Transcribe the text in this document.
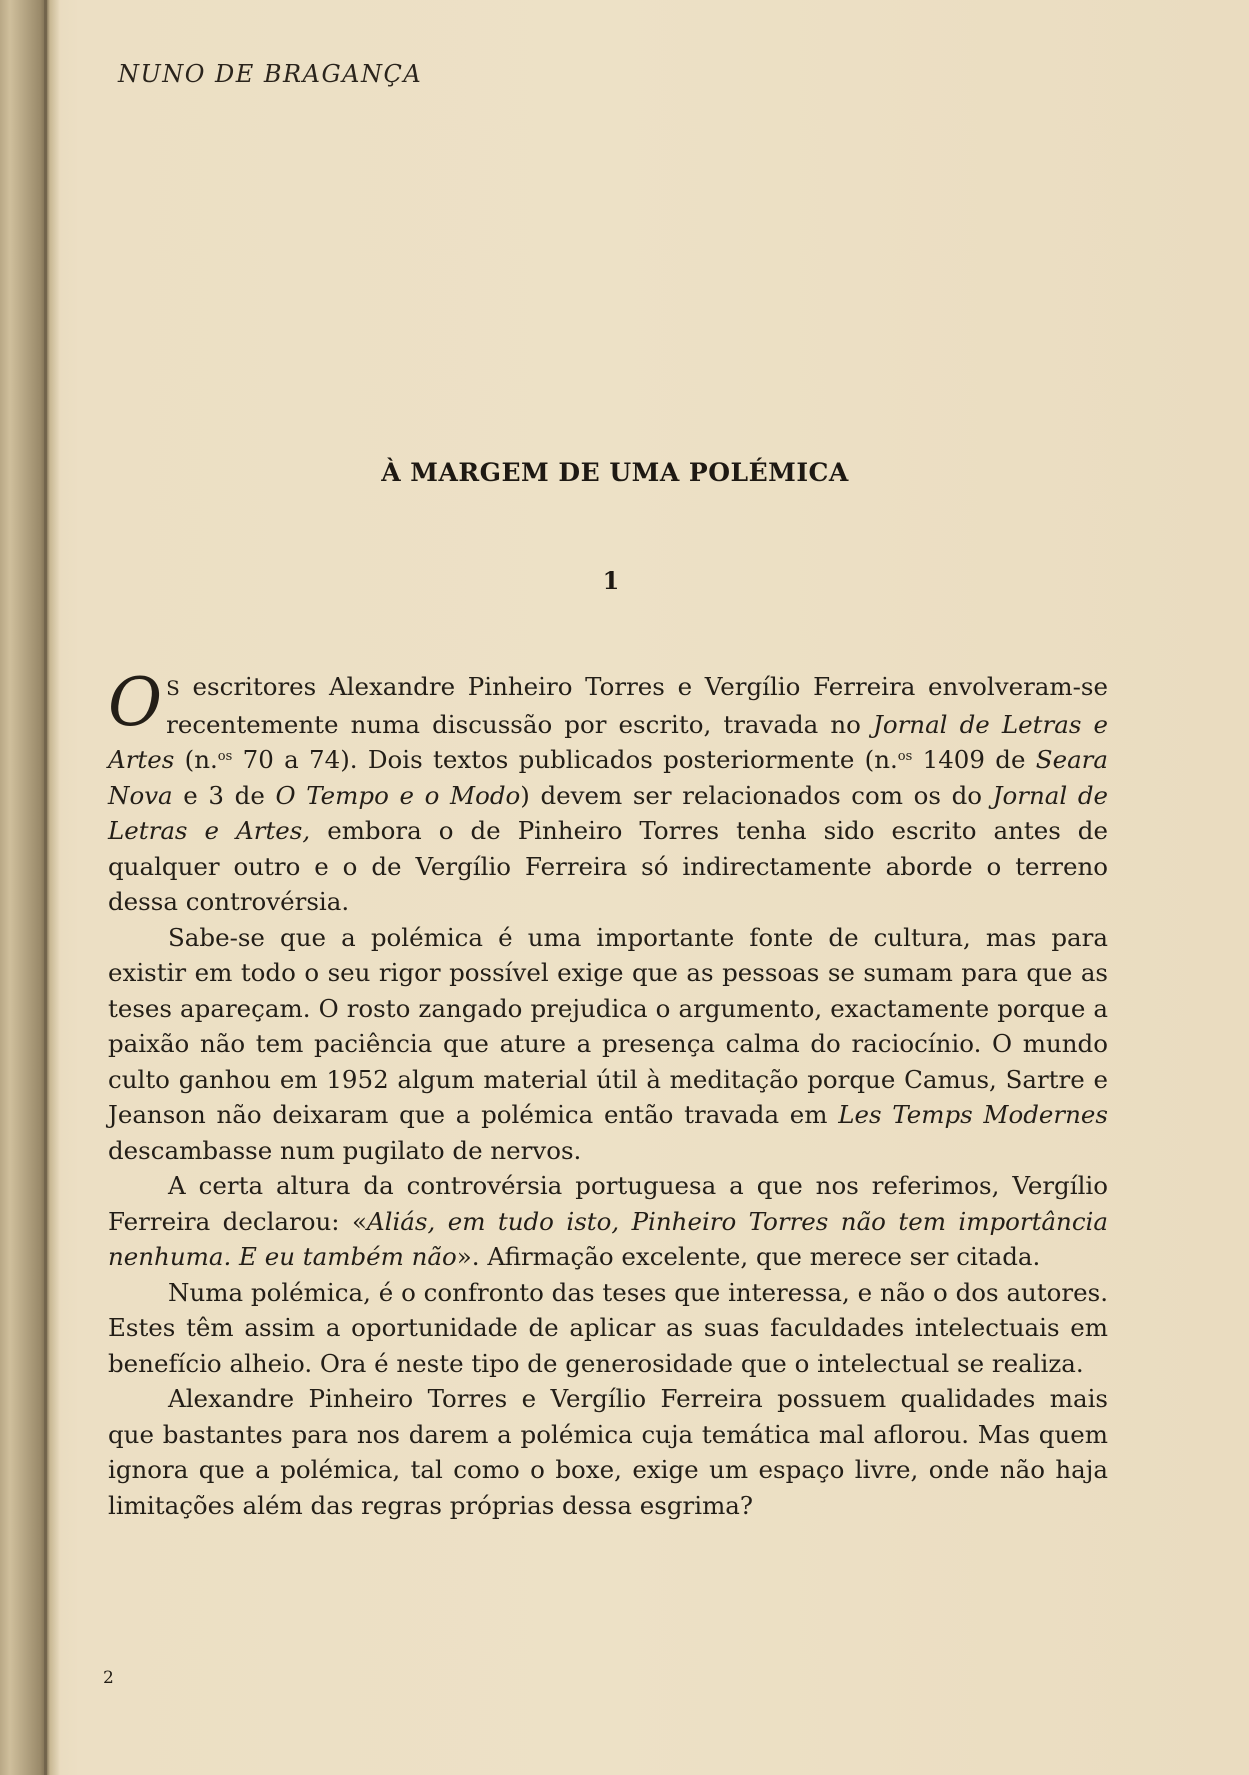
NUNO DE BRAGANÇA
À MARGEM DE UMA POLÉMICA
1

O S escritores Alexandre Pinheiro Torres e Vergílio Ferreira envolveram-se recentemente numa discussão por escrito, travada no Jornal de Letras e Artes (n.$^{os}$ 70 a 74). Dois textos publicados posteriormente (n.$^{os}$ 1409 de Seara Nova e 3 de O Tempo e o Modo) devem ser relacionados com os do Jornal de Letras e Artes, embora o de Pinheiro Torres tenha sido escrito antes de qualquer outro e o de Vergílio Ferreira só indirectamente aborde o terreno dessa controvérsia.

Sabe-se que a polémica é uma importante fonte de cultura, mas para existir em todo o seu rigor possível exige que as pessoas se sumam para que as teses apareçam. O rosto zangado prejudica o argumento, exactamente porque a paixão não tem paciência que ature a presença calma do raciocínio. O mundo culto ganhou em 1952 algum material útil à meditação porque Camus, Sartre e Jeanson não deixaram que a polémica então travada em Les Temps Modernes descambasse num pugilato de nervos.

A certa altura da controvérsia portuguesa a que nos referimos, Vergílio Ferreira declarou: «Aliás, em tudo isto, Pinheiro Torres não tem importância nenhuma. E eu também não». Afirmação excelente, que merece ser citada.

Numa polémica, é o confronto das teses que interessa, e não o dos autores. Estes têm assim a oportunidade de aplicar as suas faculdades intelectuais em benefício alheio. Ora é neste tipo de generosidade que o intelectual se realiza.

Alexandre Pinheiro Torres e Vergílio Ferreira possuem qualidades mais que bastantes para nos darem a polémica cuja temática mal aflorou. Mas quem ignora que a polémica, tal como o boxe, exige um espaço livre, onde não haja limitações além das regras próprias dessa esgrima?

2
